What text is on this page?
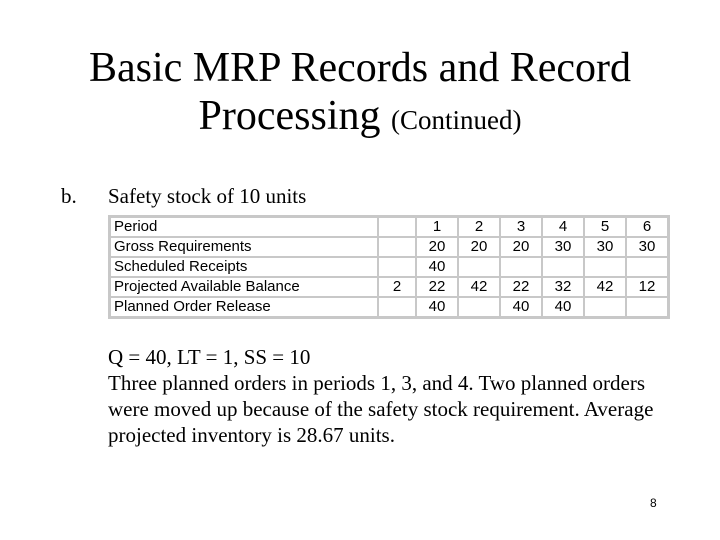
Basic MRP Records and Record
Processing (Continued)
b. Safety stock of 10 units
Period		1	2	3	4	5	6
Gross Requirements		20	20	20	30	30	30
Scheduled Receipts		40					
Projected Available Balance	2	22	42	22	32	42	12
Planned Order Release		40		40	40		

Q = 40, LT = 1, SS = 10

Three planned orders in periods 1, 3, and 4. Two planned orders were moved up because of the safety stock requirement. Average projected inventory is 28.67 units.

8
